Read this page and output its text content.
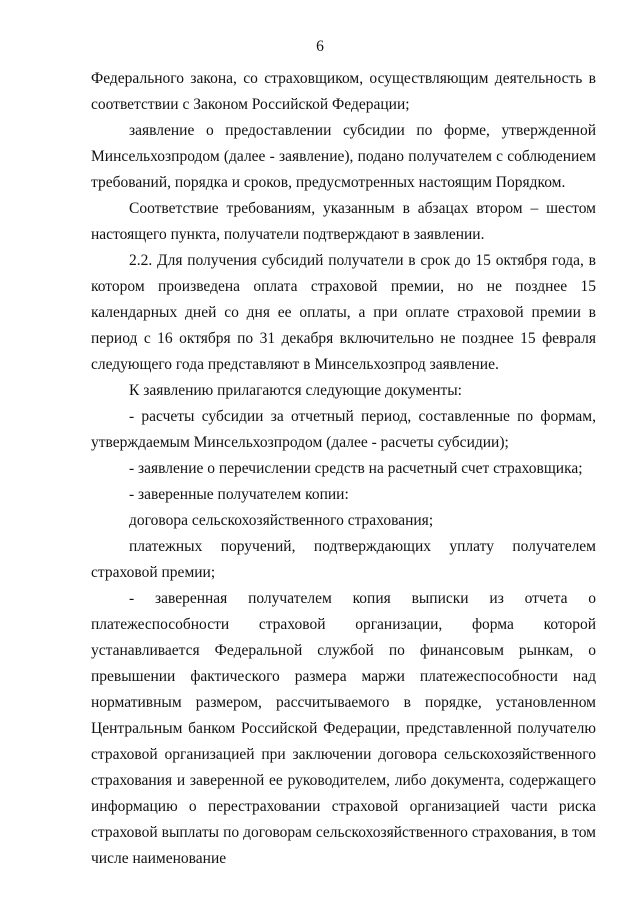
6

Федерального закона, со страховщиком, осуществляющим деятельность в соответствии с Законом Российской Федерации;

заявление о предоставлении субсидии по форме, утвержденной Минсельхозпродом (далее - заявление), подано получателем с соблюдением требований, порядка и сроков, предусмотренных настоящим Порядком.

Соответствие требованиям, указанным в абзацах втором – шестом настоящего пункта, получатели подтверждают в заявлении.

2.2. Для получения субсидий получатели в срок до 15 октября года, в котором произведена оплата страховой премии, но не позднее 15 календарных дней со дня ее оплаты, а при оплате страховой премии в период с 16 октября по 31 декабря включительно не позднее 15 февраля следующего года представляют в Минсельхозпрод заявление.

К заявлению прилагаются следующие документы:

- расчеты субсидии за отчетный период, составленные по формам, утверждаемым Минсельхозпродом (далее - расчеты субсидии);

- заявление о перечислении средств на расчетный счет страховщика;

- заверенные получателем копии:

договора сельскохозяйственного страхования;

платежных поручений, подтверждающих уплату получателем страховой премии;

- заверенная получателем копия выписки из отчета о платежеспособности страховой организации, форма которой устанавливается Федеральной службой по финансовым рынкам, о превышении фактического размера маржи платежеспособности над нормативным размером, рассчитываемого в порядке, установленном Центральным банком Российской Федерации, представленной получателю страховой организацией при заключении договора сельскохозяйственного страхования и заверенной ее руководителем, либо документа, содержащего информацию о перестраховании страховой организацией части риска страховой выплаты по договорам сельскохозяйственного страхования, в том числе наименование
